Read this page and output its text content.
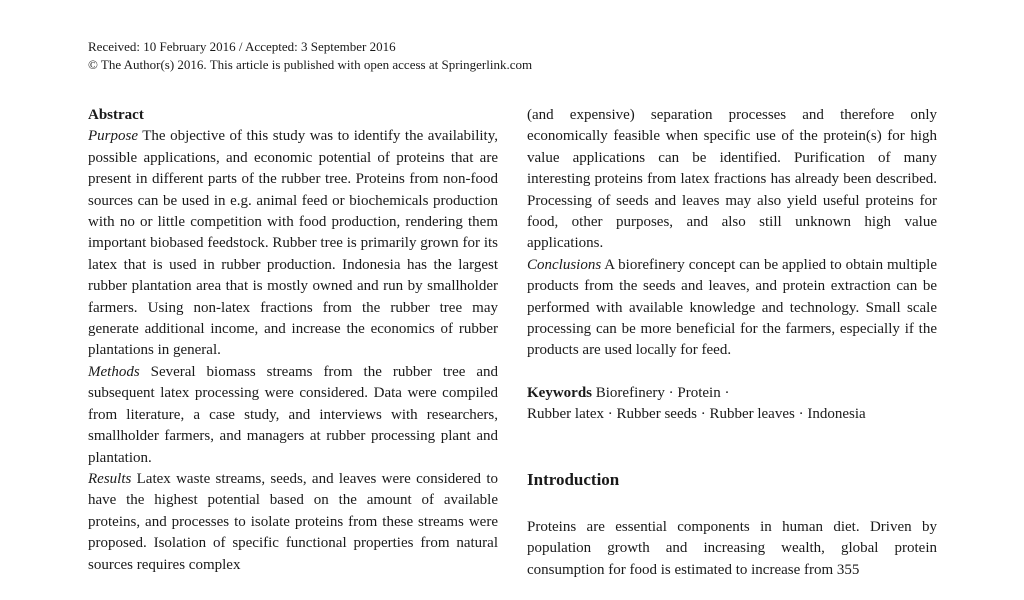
Received: 10 February 2016 / Accepted: 3 September 2016
© The Author(s) 2016. This article is published with open access at Springerlink.com
Abstract

Purpose The objective of this study was to identify the availability, possible applications, and economic potential of proteins that are present in different parts of the rubber tree. Proteins from non-food sources can be used in e.g. animal feed or biochemicals production with no or little competition with food production, rendering them important biobased feedstock. Rubber tree is primarily grown for its latex that is used in rubber production. Indonesia has the largest rubber plantation area that is mostly owned and run by smallholder farmers. Using non-latex fractions from the rubber tree may generate additional income, and increase the economics of rubber plantations in general.

Methods Several biomass streams from the rubber tree and subsequent latex processing were considered. Data were compiled from literature, a case study, and interviews with researchers, smallholder farmers, and managers at rubber processing plant and plantation.

Results Latex waste streams, seeds, and leaves were considered to have the highest potential based on the amount of available proteins, and processes to isolate proteins from these streams were proposed. Isolation of specific functional properties from natural sources requires complex

(and expensive) separation processes and therefore only economically feasible when specific use of the protein(s) for high value applications can be identified. Purification of many interesting proteins from latex fractions has already been described. Processing of seeds and leaves may also yield useful proteins for food, other purposes, and also still unknown high value applications.

Conclusions A biorefinery concept can be applied to obtain multiple products from the seeds and leaves, and protein extraction can be performed with available knowledge and technology. Small scale processing can be more beneficial for the farmers, especially if the products are used locally for feed.

Keywords Biorefinery · Protein ·
Rubber latex · Rubber seeds · Rubber leaves · Indonesia
Introduction

Proteins are essential components in human diet. Driven by population growth and increasing wealth, global protein consumption for food is estimated to increase from 355
